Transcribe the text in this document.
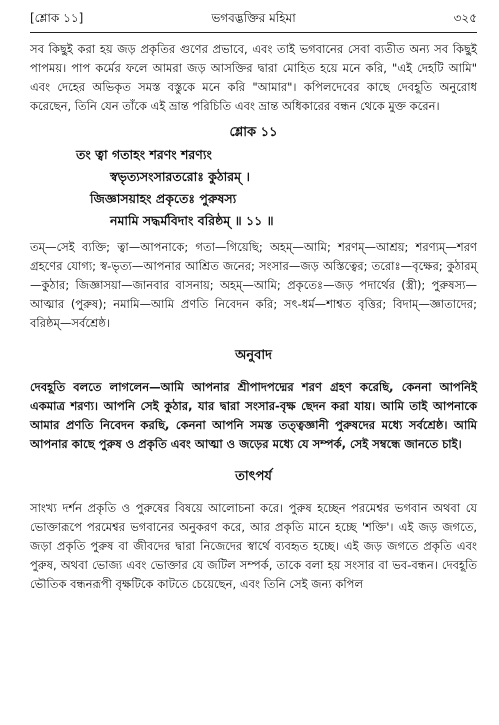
[শ্লোক ১১]	ভগবদ্ভক্তির মহিমা	৩২৫

সব কিছুই করা হয় জড় প্রকৃতির গুণের প্রভাবে, এবং তাই ভগবানের সেবা ব্যতীত অন্য সব কিছুই পাপময়। পাপ কর্মের ফলে আমরা জড় আসক্তির দ্বারা মোহিত হয়ে মনে করি, "এই দেহটি আমি" এবং দেহের অভিকৃত সমস্ত বস্তুকে মনে করি "আমার"। কপিলদেবের কাছে দেবহূতি অনুরোধ করেছেন, তিনি যেন তাঁকে এই ভ্রান্ত পরিচিতি এবং ভ্রান্ত অধিকারের বন্ধন থেকে মুক্ত করেন।

শ্লোক ১১
তং ত্বা গতাহং শরণং শরণ্যং
স্বভৃত্যসংসারতরোঃ কুঠারম্ ।
জিজ্ঞাসয়াহং প্রকৃতেঃ পুরুষস্য
নমামি সদ্ধর্মবিদাং বরিষ্ঠম্ ॥ ১১ ॥

তম্—সেই ব্যক্তি; ত্বা—আপনাকে; গতা—গিয়েছি; অহম্—আমি; শরণম্—আশ্রয়; শরণ্যম্—শরণ গ্রহণের যোগ্য; স্ব-ভৃত্য—আপনার আশ্রিত জনের; সংসার—জড় অস্তিত্বের; তরোঃ—বৃক্ষের; কুঠারম্—কুঠার; জিজ্ঞাসয়া—জানবার বাসনায়; অহম্—আমি; প্রকৃতেঃ—জড় পদার্থের (স্ত্রী); পুরুষস্য—আত্মার (পুরুষ); নমামি—আমি প্রণতি নিবেদন করি; সৎ-ধর্ম—শাশ্বত বৃত্তির; বিদাম্—জ্ঞাতাদের; বরিষ্ঠম্—সর্বশ্রেষ্ঠ।

অনুবাদ

দেবহূতি বলতে লাগলেন—আমি আপনার শ্রীপাদপদ্মের শরণ গ্রহণ করেছি, কেননা আপনিই একমাত্র শরণ্য। আপনি সেই কুঠার, যার দ্বারা সংসার-বৃক্ষ ছেদন করা যায়। আমি তাই আপনাকে আমার প্রণতি নিবেদন করছি, কেননা আপনি সমস্ত তত্ত্বজ্ঞানী পুরুষদের মধ্যে সর্বশ্রেষ্ঠ। আমি আপনার কাছে পুরুষ ও প্রকৃতি এবং আত্মা ও জড়ের মধ্যে যে সম্পর্ক, সেই সম্বন্ধে জানতে চাই।

তাৎপর্য

সাংখ্য দর্শন প্রকৃতি ও পুরুষের বিষয়ে আলোচনা করে। পুরুষ হচ্ছেন পরমেশ্বর ভগবান অথবা যে ভোক্তারূপে পরমেশ্বর ভগবানের অনুকরণ করে, আর প্রকৃতি মানে হচ্ছে 'শক্তি'। এই জড় জগতে, জড়া প্রকৃতি পুরুষ বা জীবদের দ্বারা নিজেদের স্বার্থে ব্যবহৃত হচ্ছে। এই জড় জগতে প্রকৃতি এবং পুরুষ, অথবা ভোজ্য এবং ভোক্তার যে জটিল সম্পর্ক, তাকে বলা হয় সংসার বা ভব-বন্ধন। দেবহূতি ভৌতিক বন্ধনরূপী বৃক্ষটিকে কাটতে চেয়েছেন, এবং তিনি সেই জন্য কপিল
